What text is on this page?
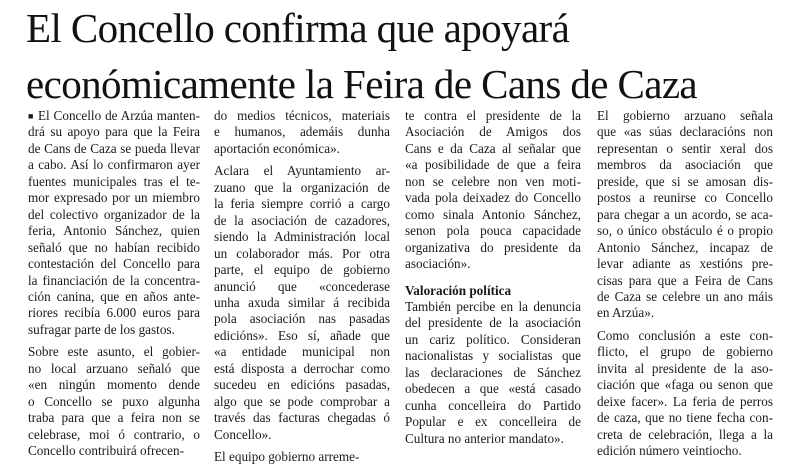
El Concello confirma que apoyará
económicamente la Feira de Cans de Caza
■ El Concello de Arzúa manten-
drá su apoyo para que la Feira
de Cans de Caza se pueda llevar
a cabo. Así lo confirmaron ayer
fuentes municipales tras el te-
mor expresado por un miembro
del colectivo organizador de la
feria, Antonio Sánchez, quien
señaló que no habían recibido
contestación del Concello para
la financiación de la concentra-
ción canina, que en años ante-
riores recibía 6.000 euros para
sufragar parte de los gastos.
Sobre este asunto, el gobier-
no local arzuano señaló que
«en ningún momento dende
o Concello se puxo algunha
traba para que a feira non se
celebrase, moi ó contrario, o
Concello contribuirá ofrecen-
do medios técnicos, materiais
e humanos, ademáis dunha
aportación económica».
Aclara el Ayuntamiento ar-
zuano que la organización de
la feria siempre corrió a cargo
de la asociación de cazadores,
siendo la Administración local
un colaborador más. Por otra
parte, el equipo de gobierno
anunció que «concederase
unha axuda similar á recibida
pola asociación nas pasadas
edicións». Eso sí, añade que
«a entidade municipal non
está disposta a derrochar como
sucedeu en edicións pasadas,
algo que se pode comprobar a
través das facturas chegadas ó
Concello».
El equipo gobierno arreme-
te contra el presidente de la
Asociación de Amigos dos
Cans e da Caza al señalar que
«a posibilidade de que a feira
non se celebre non ven moti-
vada pola deixadez do Concello
como sinala Antonio Sánchez,
senon pola pouca capacidade
organizativa do presidente da
asociación».
Valoración política
También percibe en la denuncia
del presidente de la asociación
un cariz político. Consideran
nacionalistas y socialistas que
las declaraciones de Sánchez
obedecen a que «está casado
cunha concelleira do Partido
Popular e ex concelleira de
Cultura no anterior mandato».
El gobierno arzuano señala
que «as súas declaracións non
representan o sentir xeral dos
membros da asociación que
preside, que si se amosan dis-
postos a reunirse co Concello
para chegar a un acordo, se aca-
so, o único obstáculo é o propio
Antonio Sánchez, incapaz de
levar adiante as xestións pre-
cisas para que a Feira de Cans
de Caza se celebre un ano máis
en Arzúa».
Como conclusión a este con-
flicto, el grupo de gobierno
invita al presidente de la aso-
ciación que «faga ou senon que
deixe facer». La feria de perros
de caza, que no tiene fecha con-
creta de celebración, llega a la
edición número veintiocho.
